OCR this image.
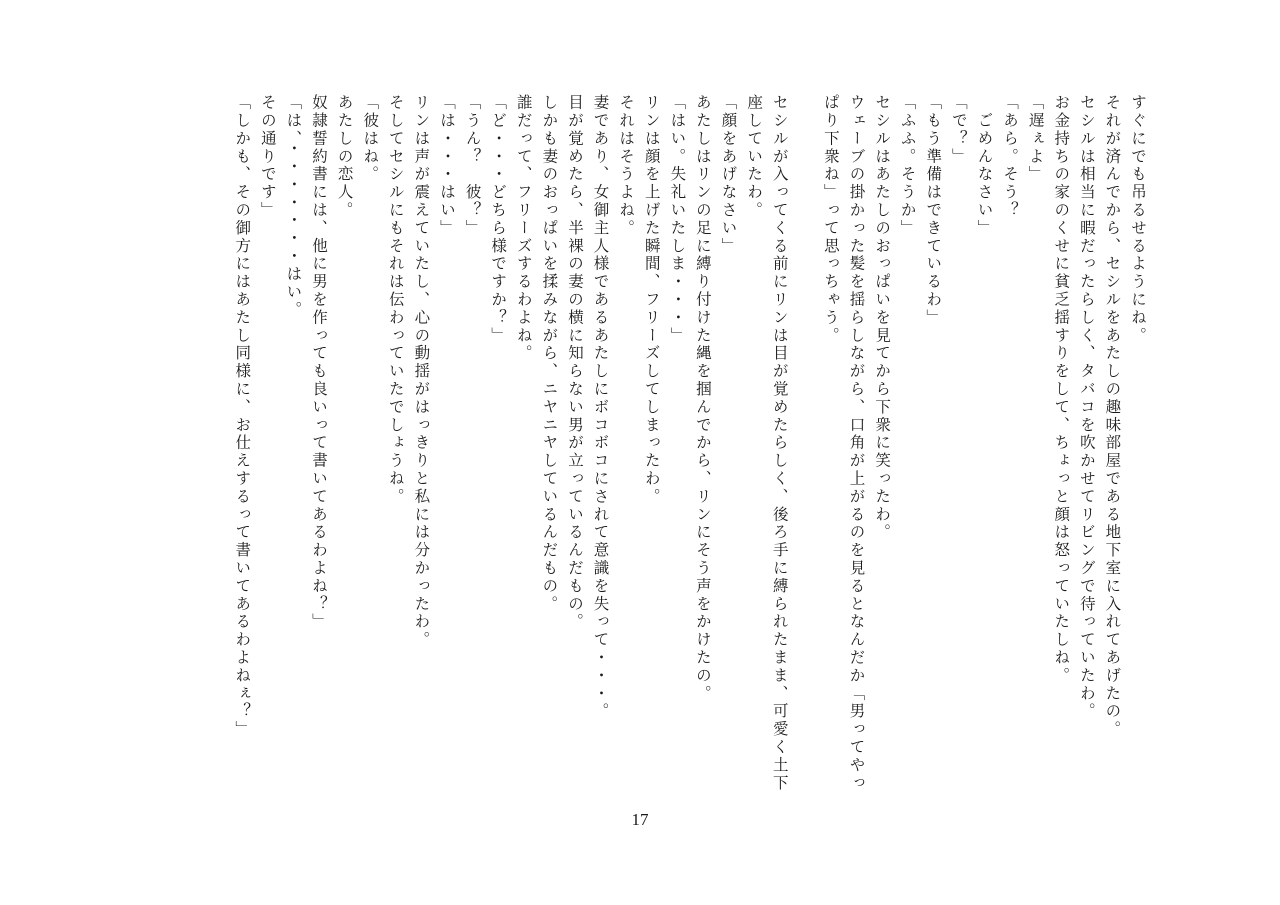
すぐにでも吊るせるようにね。
それが済んでから、セシルをあたしの趣味部屋である地下室に入れてあげたの。
セシルは相当に暇だったらしく、タバコを吹かせてリビングで待っていたわ。
お金持ちの家のくせに貧乏揺すりをして、ちょっと顔は怒っていたしね。
「遅ぇよ」
「あら。そう？
　ごめんなさい」
「で？」
「もう準備はできているわ」
「ふふ。そうか」
セシルはあたしのおっぱいを見てから下衆に笑ったわ。
ウェーブの掛かった髪を揺らしながら、口角が上がるのを見るとなんだか「男ってやっ
ぱり下衆ね」って思っちゃう。
セシルが入ってくる前にリンは目が覚めたらしく、後ろ手に縛られたまま、可愛く土下
座していたわ。
「顔をあげなさい」
あたしはリンの足に縛り付けた縄を掴んでから、リンにそう声をかけたの。
「はい。失礼いたしま・・・」
リンは顔を上げた瞬間、フリーズしてしまったわ。
それはそうよね。
妻であり、女御主人様であるあたしにボコボコにされて意識を失って・・・。
目が覚めたら、半裸の妻の横に知らない男が立っているんだもの。
しかも妻のおっぱいを揉みながら、ニヤニヤしているんだもの。
誰だって、フリーズするわよね。
「ど・・・どちら様ですか？」
「うん？　彼？」
「は・・・はい」
リンは声が震えていたし、心の動揺がはっきりと私には分かったわ。
そしてセシルにもそれは伝わっていたでしょうね。
「彼はね。
あたしの恋人。
奴隷誓約書には、他に男を作っても良いって書いてあるわよね？」
「は、・・・・・・・はい。
その通りです」
「しかも、その御方にはあたし同様に、お仕えするって書いてあるわよねぇ？」
17
